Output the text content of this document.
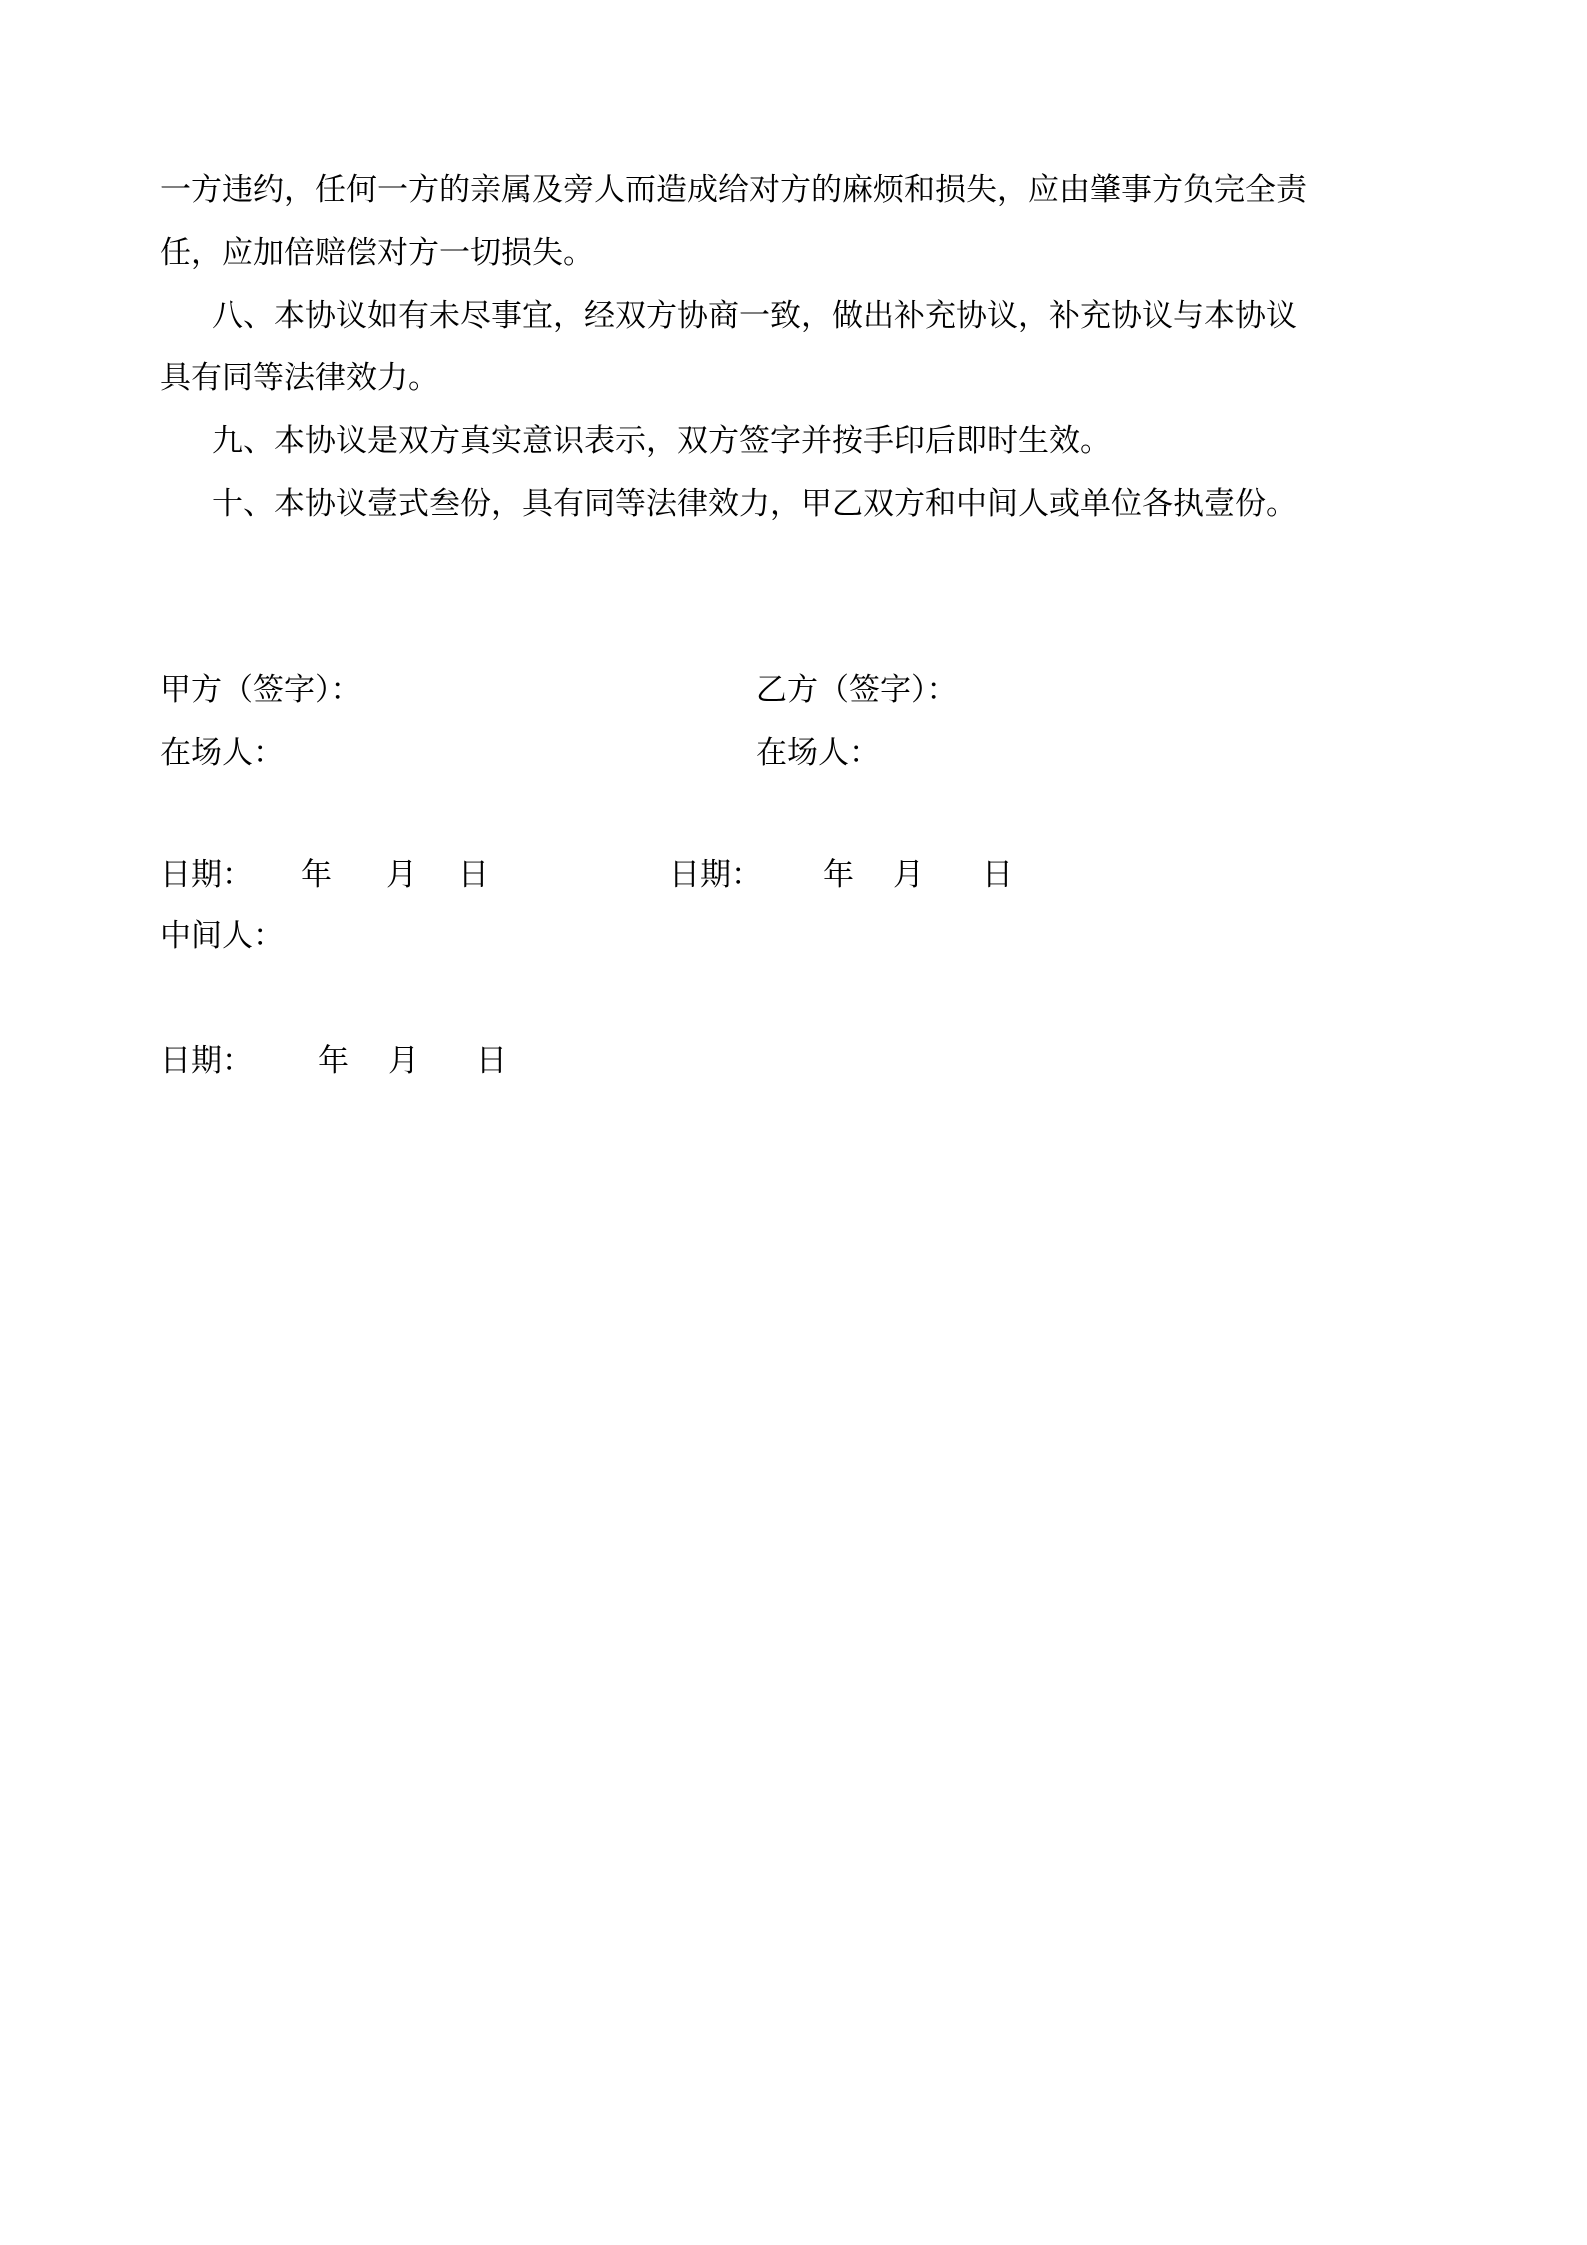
一方违约，任何一方的亲属及旁人而造成给对方的麻烦和损失，应由肇事方负完全责
任，应加倍赔偿对方一切损失。
八、本协议如有未尽事宜，经双方协商一致，做出补充协议，补充协议与本协议
具有同等法律效力。
九、本协议是双方真实意识表示，双方签字并按手印后即时生效。
十、本协议壹式叁份，具有同等法律效力，甲乙双方和中间人或单位各执壹份。
甲方（签字）：	乙方（签字）：
在场人：	在场人：
日期： 年 月 日	日期： 年 月 日
中间人：
日期： 年 月 日
